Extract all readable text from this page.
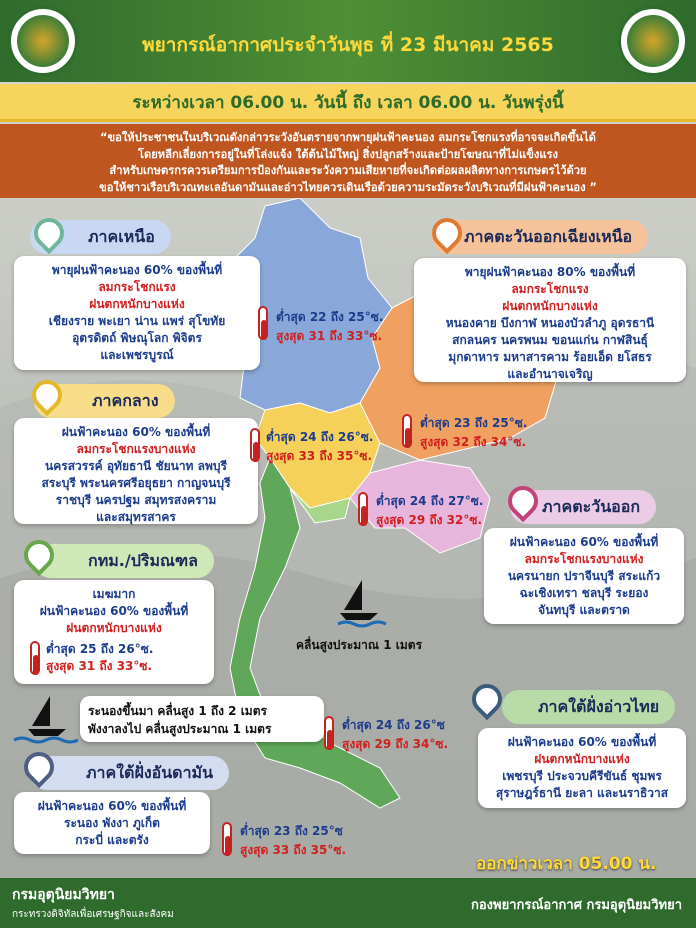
พยากรณ์อากาศประจำวันพุธ ที่ 23 มีนาคม 2565
ระหว่างเวลา 06.00 น. วันนี้ ถึง เวลา 06.00 น. วันพรุ่งนี้
“ขอให้ประชาชนในบริเวณดังกล่าวระวังอันตรายจากพายุฝนฟ้าคะนอง ลมกระโชกแรงที่อาจจะเกิดขึ้นได้
โดยหลีกเลี่ยงการอยู่ในที่โล่งแจ้ง ใต้ต้นไม้ใหญ่ สิ่งปลูกสร้างและป้ายโฆษณาที่ไม่แข็งแรง
สำหรับเกษตรกรควรเตรียมการป้องกันและระวังความเสียหายที่จะเกิดต่อผลผลิตทางการเกษตรไว้ด้วย
ขอให้ชาวเรือบริเวณทะเลอันดามันและอ่าวไทยควรเดินเรือด้วยความระมัดระวังบริเวณที่มีฝนฟ้าคะนอง ”
ภาคเหนือ
พายุฝนฟ้าคะนอง 60% ของพื้นที่
ลมกระโชกแรง
ฝนตกหนักบางแห่ง
เชียงราย พะเยา น่าน แพร่ สุโขทัย
อุตรดิตถ์ พิษณุโลก พิจิตร
และเพชรบูรณ์
ต่ำสุด 22 ถึง 25°ซ.
สูงสุด 31 ถึง 33°ซ.
ภาคตะวันออกเฉียงเหนือ
พายุฝนฟ้าคะนอง 80% ของพื้นที่
ลมกระโชกแรง
ฝนตกหนักบางแห่ง
หนองคาย บึงกาฬ หนองบัวลำภู อุดรธานี
สกลนคร นครพนม ขอนแก่น กาฬสินธุ์
มุกดาหาร มหาสารคาม ร้อยเอ็ด ยโสธร
และอำนาจเจริญ
ต่ำสุด 23 ถึง 25°ซ.
สูงสุด 32 ถึง 34°ซ.
ภาคกลาง
ฝนฟ้าคะนอง 60% ของพื้นที่
ลมกระโชกแรงบางแห่ง
นครสวรรค์ อุทัยธานี ชัยนาท ลพบุรี
สระบุรี พระนครศรีอยุธยา กาญจนบุรี
ราชบุรี นครปฐม สมุทรสงคราม
และสมุทรสาคร
ต่ำสุด 24 ถึง 26°ซ.
สูงสุด 33 ถึง 35°ซ.
ภาคตะวันออก
ฝนฟ้าคะนอง 60% ของพื้นที่
ลมกระโชกแรงบางแห่ง
นครนายก ปราจีนบุรี สระแก้ว
ฉะเชิงเทรา ชลบุรี ระยอง
จันทบุรี และตราด
ต่ำสุด 24 ถึง 27°ซ.
สูงสุด 29 ถึง 32°ซ.
กทม./ปริมณฑล
เมฆมาก
ฝนฟ้าคะนอง 60% ของพื้นที่
ฝนตกหนักบางแห่ง
ต่ำสุด 25 ถึง 26°ซ.
สูงสุด 31 ถึง 33°ซ.
คลื่นสูงประมาณ 1 เมตร
ระนองขึ้นมา คลื่นสูง 1 ถึง 2 เมตร
พังงาลงไป คลื่นสูงประมาณ 1 เมตร
ภาคใต้ฝั่งอ่าวไทย
ฝนฟ้าคะนอง 60% ของพื้นที่
ฝนตกหนักบางแห่ง
เพชรบุรี ประจวบคีรีขันธ์ ชุมพร
สุราษฎร์ธานี ยะลา และนราธิวาส
ต่ำสุด 24 ถึง 26°ซ
สูงสุด 29 ถึง 34°ซ.
ภาคใต้ฝั่งอันดามัน
ฝนฟ้าคะนอง 60% ของพื้นที่
ระนอง พังงา ภูเก็ต
กระบี่ และตรัง
ต่ำสุด 23 ถึง 25°ซ
สูงสุด 33 ถึง 35°ซ.
ออกข่าวเวลา 05.00 น.
กรมอุตุนิยมวิทยา
กระทรวงดิจิทัลเพื่อเศรษฐกิจและสังคม
กองพยากรณ์อากาศ กรมอุตุนิยมวิทยา
